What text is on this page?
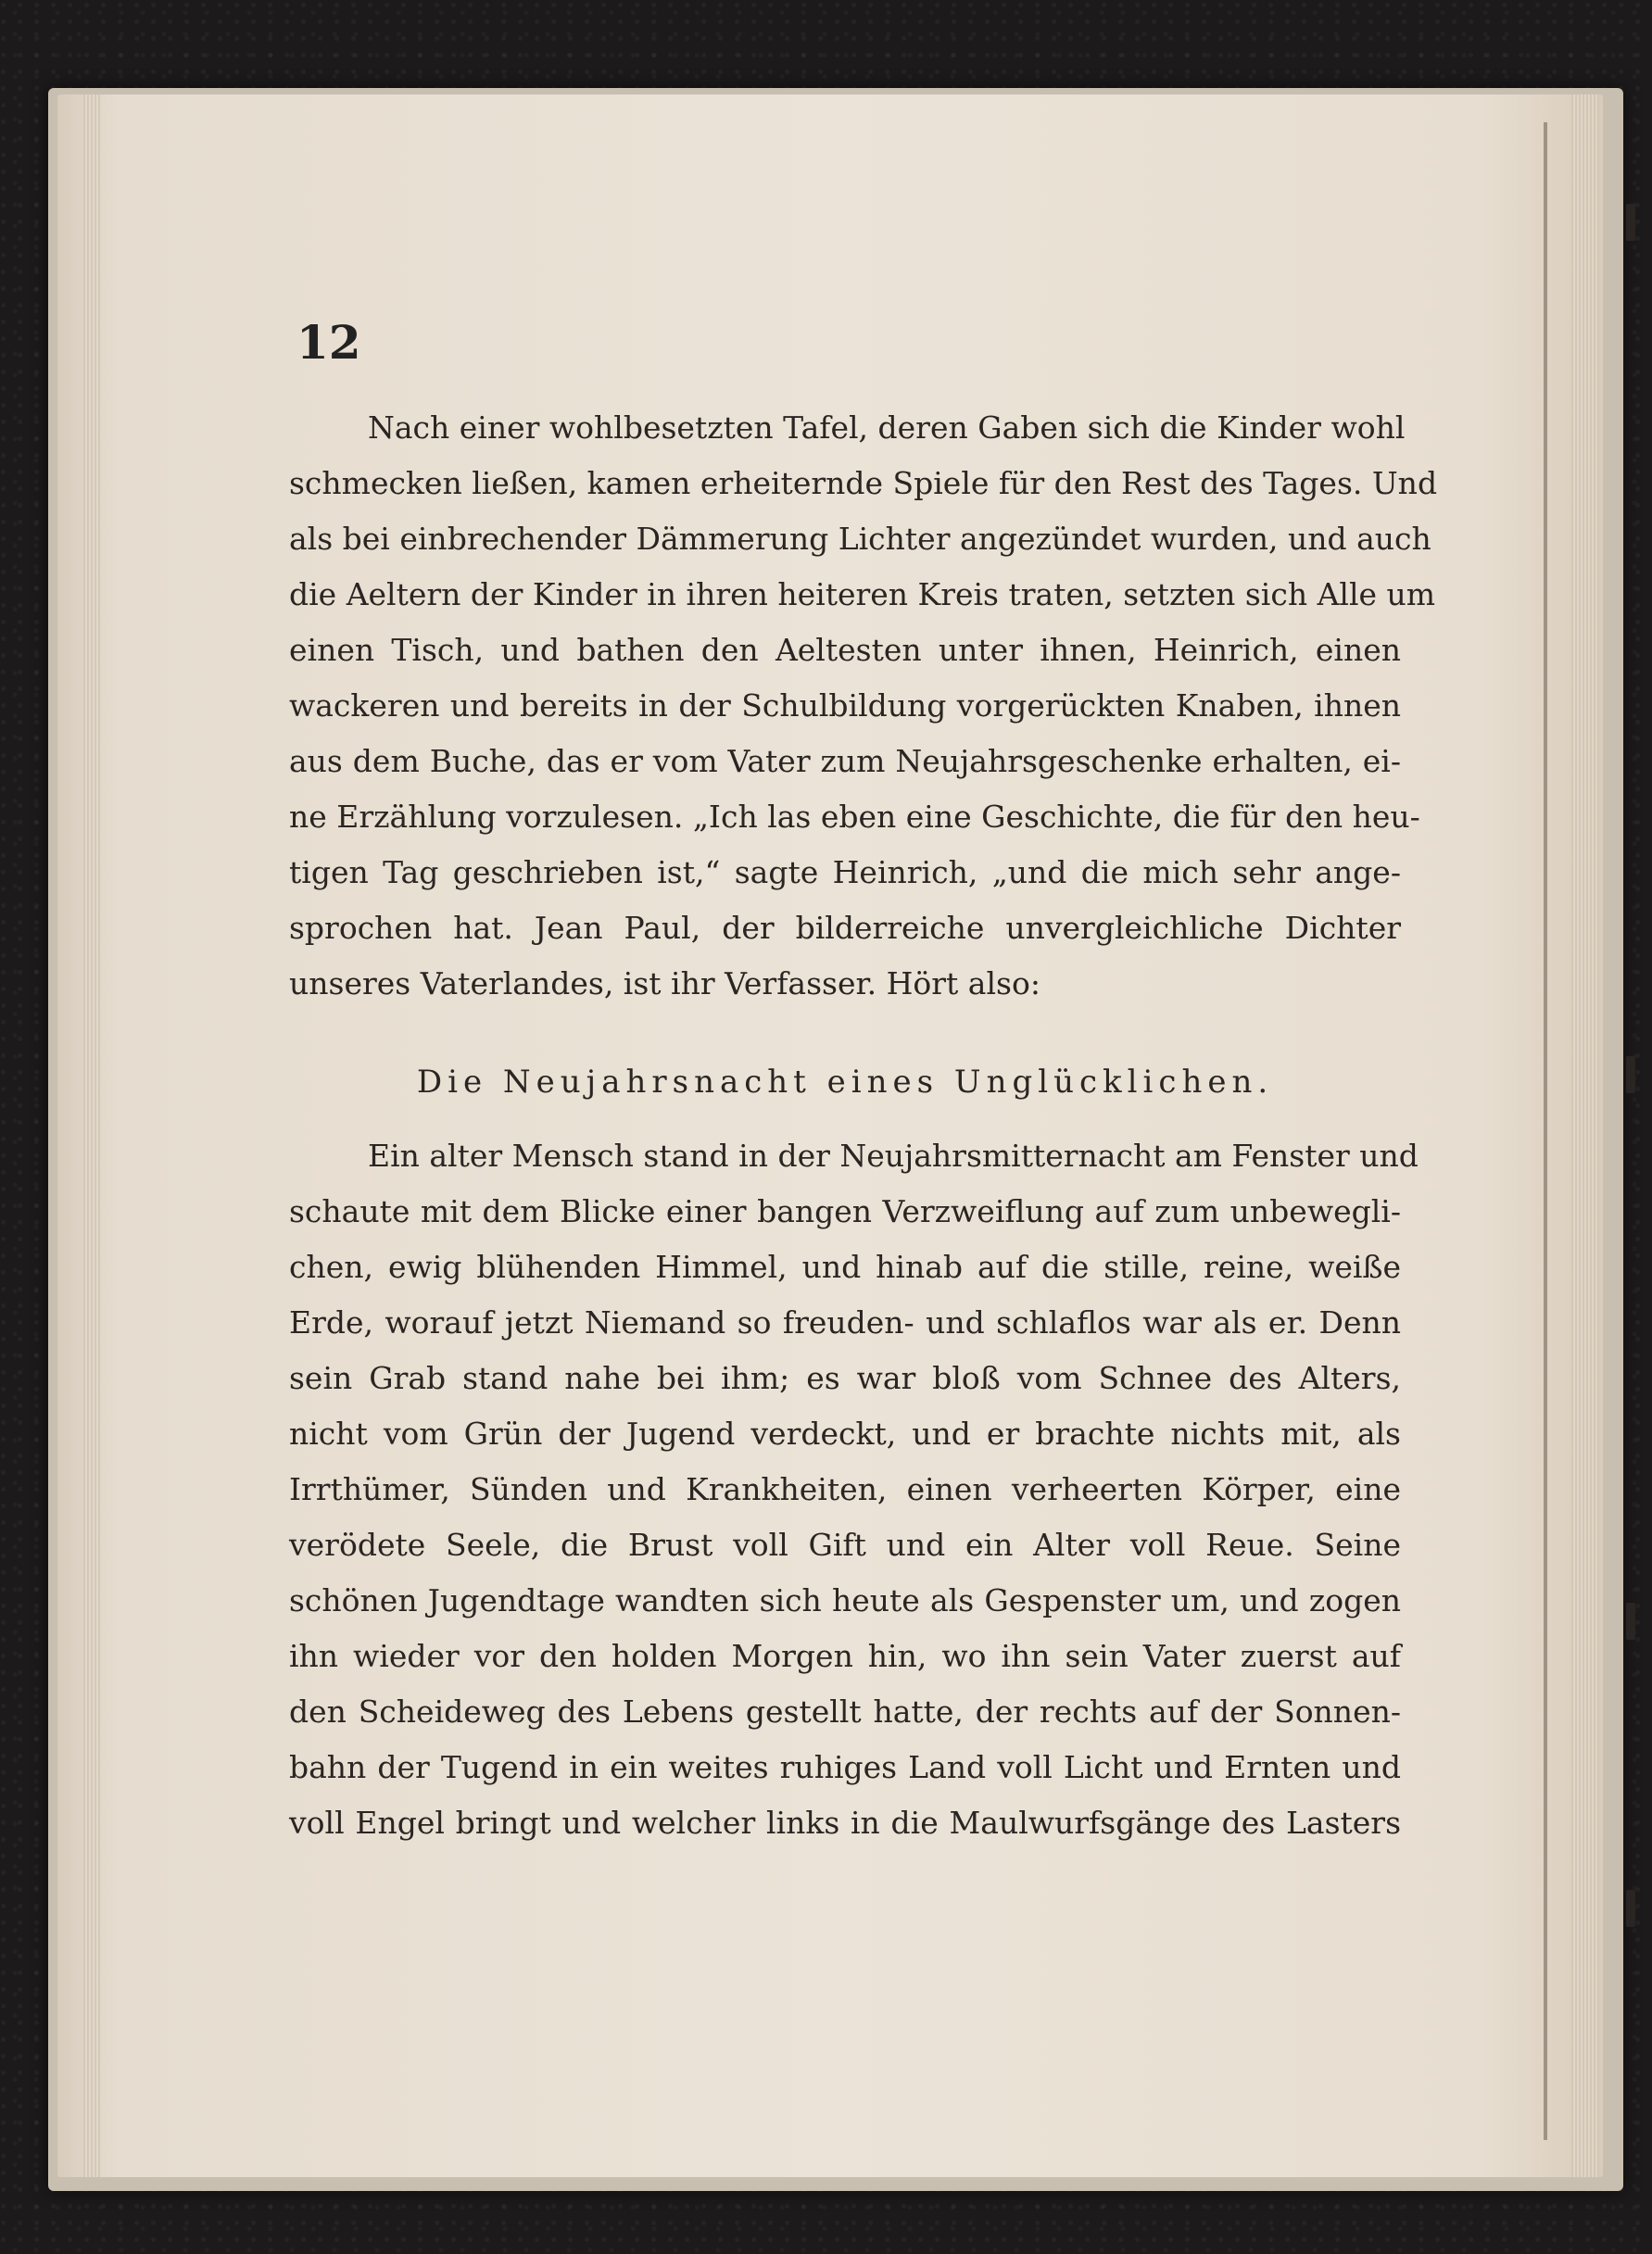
12
Nach einer wohlbesetzten Tafel, deren Gaben sich die Kinder wohl
schmecken ließen, kamen erheiternde Spiele für den Rest des Tages. Und
als bei einbrechender Dämmerung Lichter angezündet wurden, und auch
die Aeltern der Kinder in ihren heiteren Kreis traten, setzten sich Alle um
einen Tisch, und bathen den Aeltesten unter ihnen, Heinrich, einen
wackeren und bereits in der Schulbildung vorgerückten Knaben, ihnen
aus dem Buche, das er vom Vater zum Neujahrsgeschenke erhalten, ei-
ne Erzählung vorzulesen. „Ich las eben eine Geschichte, die für den heu-
tigen Tag geschrieben ist,“ sagte Heinrich, „und die mich sehr ange-
sprochen hat. Jean Paul, der bilderreiche unvergleichliche Dichter
unseres Vaterlandes, ist ihr Verfasser. Hört also:
Die Neujahrsnacht eines Unglücklichen.
Ein alter Mensch stand in der Neujahrsmitternacht am Fenster und
schaute mit dem Blicke einer bangen Verzweiflung auf zum unbewegli-
chen, ewig blühenden Himmel, und hinab auf die stille, reine, weiße
Erde, worauf jetzt Niemand so freuden- und schlaflos war als er. Denn
sein Grab stand nahe bei ihm; es war bloß vom Schnee des Alters,
nicht vom Grün der Jugend verdeckt, und er brachte nichts mit, als
Irrthümer, Sünden und Krankheiten, einen verheerten Körper, eine
verödete Seele, die Brust voll Gift und ein Alter voll Reue. Seine
schönen Jugendtage wandten sich heute als Gespenster um, und zogen
ihn wieder vor den holden Morgen hin, wo ihn sein Vater zuerst auf
den Scheideweg des Lebens gestellt hatte, der rechts auf der Sonnen-
bahn der Tugend in ein weites ruhiges Land voll Licht und Ernten und
voll Engel bringt und welcher links in die Maulwurfsgänge des Lasters
